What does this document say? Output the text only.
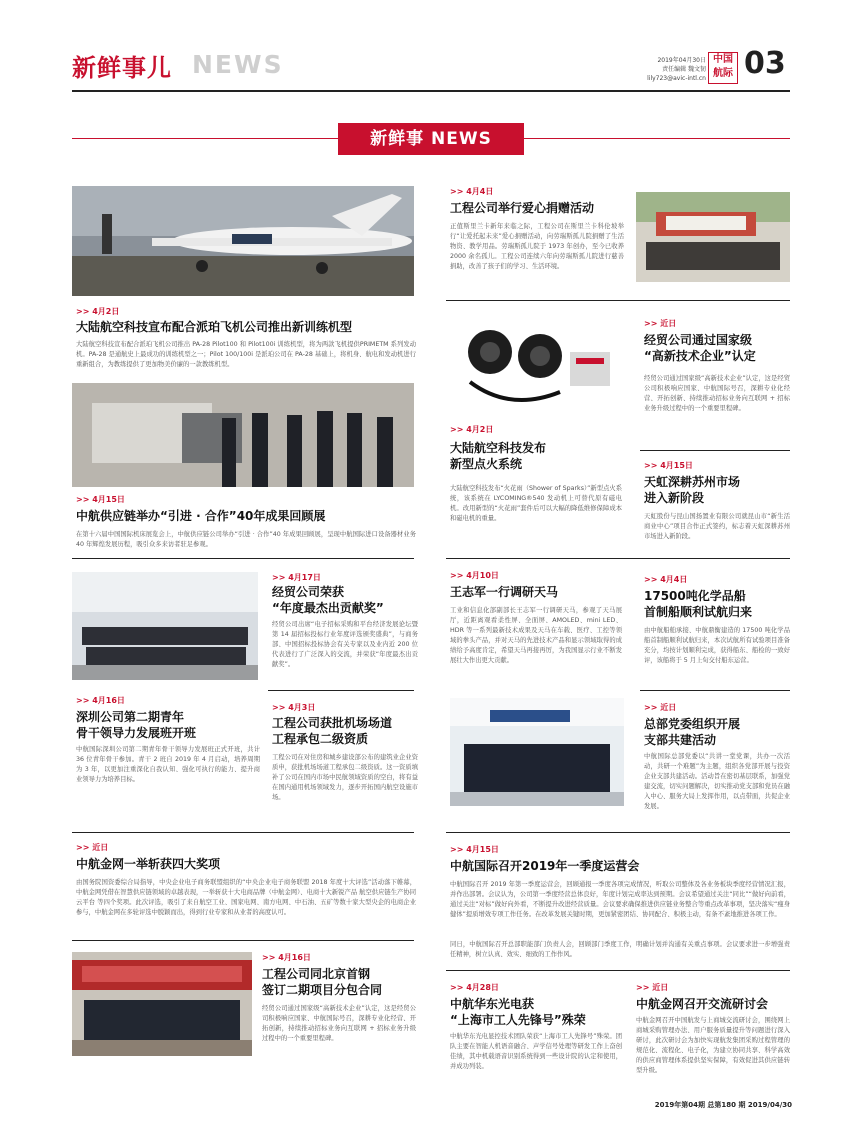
新鲜事儿 NEWS	2019年04月30日
责任编辑 魏文韧
lily723@avic-intl.cn
中国
航际 03
新鲜事 NEWS
>> 4月2日
大陆航空科技宣布配合派珀飞机公司推出新训练机型
大陆航空科技宣布配合派珀飞机公司推出 PA-28 Pilot100 和 Pilot100i 训练机型，将为两款飞机提供PRIMETM 系列发动机。PA-28 是通航史上最成功的训练机型之一；Pilot 100/100i 是派珀公司在 PA-28 基础上，将机身、航电和发动机进行重新组合，为教练提供了更加物美价廉的一款教练机型。
>> 4月15日
中航供应链举办“引进 · 合作”40年成果回顾展
在第十六届中国国际机床展览会上，中航供应链公司举办“引进 · 合作”40 年成果回顾展，呈现中航国际进口设备器材业务 40 年辉煌发展历程，吸引众多来访者驻足参观。
>> 4月16日
深圳公司第二期青年
骨干领导力发展班开班
中航国际深圳公司第二期青年骨干领导力发展班正式开班，共计 36 位青年骨干参加。青干 2 班自 2019 年 4 月启动，培养周期为 3 年，以更加注重深化自我认知、强化可执行的能力、提升商业领导力为培养目标。
>> 4月17日
经贸公司荣获
“年度最杰出贡献奖”
经贸公司出席“电子招标采购和平台经济发展论坛暨第 14 届招标投标行业年度评选颁奖盛典”，与商务部、中国招标投标协会有关专家以及业内近 200 位代表进行了广泛深入的交流，并荣获“年度最杰出贡献奖”。
>> 4月3日
工程公司获批机场场道
工程承包二级资质
工程公司在对住房和城乡建设部公布的建筑业企业资质申，获批机场场道工程承包二级资质。这一资质填补了公司在国内市场中民航领域资质的空白，将有益在国内通用机场领域发力，逐步开拓国内航空设施市场。
>> 近日
中航金网一举斩获四大奖项
由国务院国资委综合局指导，中央企业电子商务联盟组织的“中央企业电子商务联盟 2018 年度十大评选”活动落下帷幕，中航金网凭借在智慧供应链领域的卓越表现，一举斩获十大电商品牌（中航金网）、电商十大新锐产品 航空供应链生产协同云平台 等四个奖项。此次评选，吸引了来自航空工业、国家电网、南方电网、中石油、五矿等数十家大型央企的电商企业参与，中航金网在多轮评选中脱颖而出，得到行业专家和从业者的高度认可。
>> 4月16日
工程公司同北京首钢
签订二期项目分包合同
经贸公司通过国家级“高新技术企业”认定，这是经贸公司积极响应国家、中航国际号召，深耕专业化经营、开拓创新，持续推动招标业务向互联网 + 招标业务升级过程中的一个重要里程碑。
>> 4月4日
工程公司举行爱心捐赠活动
正值斯里兰卡新年来临之际，工程公司在斯里兰卡科伦坡举行“让爱托起未来”爱心捐赠活动，向劳瑞斯孤儿院捐赠了生活物资、教学用品。劳瑞斯孤儿院于 1973 年创办，至今已收养 2000 余名孤儿。工程公司连续六年向劳瑞斯孤儿院进行慈善捐助，改善了孩子们的学习、生活环境。
>> 4月2日
大陆航空科技发布
新型点火系统
大陆航空科技发布“火花雨（Shower of Sparks）”新型点火系统，该系统在 LYCOMING®540 发动机上可替代原有磁电机。改用新型的“火花雨”套件后可以大幅的降低维修保障成本和磁电机的重量。
>> 近日
经贸公司通过国家级
“高新技术企业”认定
经贸公司通过国家级“高新技术企业”认定，这是经贸公司积极响应国家、中航国际号召，深耕专业化经营、开拓创新、持续推动招标业务向互联网 + 招标业务升级过程中的一个重要里程碑。
>> 4月15日
天虹深耕苏州市场
进入新阶段
天虹股份与昆山国扬置业有限公司就昆山市“新生活商业中心”项目合作正式签约，标志着天虹深耕苏州市场进入新阶段。
>> 4月10日
王志军一行调研天马
工业和信息化部副部长王志军一行调研天马，参观了天马展厅，近距离观看柔性屏、全面屏、AMOLED、mini LED、HDR 等一系列最新技术成果及天马在车载、医疗、工控等领域的拳头产品，并对天马的先进技术产品和显示领域取得的成绩给予高度肯定，希望天马再接再厉，为我国显示行业不断发展壮大作出更大贡献。
>> 4月4日
17500吨化学品船
首制船顺利试航归来
由中航船舶承接、中航鼎衡建造的 17500 吨化学品船首制船顺利试航归来，本次试航所有试验项目准备充分，均按计划顺利完成，获得船东、船检的一致好评，该船将于 5 月上旬交付船东运营。
>> 近日
总部党委组织开展
支部共建活动
中航国际总部党委以“共讲一堂党课，共办一次活动，共研一个难题”为主题，组织各党部开展与投资企业支部共建活动。活动旨在密切基层联系，加强党建交流，切实问题解决，切实推动党支部和党员在融入中心、服务大局上发挥作用，以点带面，共促企业发展。
>> 4月15日
中航国际召开2019年一季度运营会
中航国际召开 2019 年第一季度运营会，回顾通报一季度各项完成情况，听取公司整体及各业务板块季度经营情况汇报，并作出部署。会议认为，公司第一季度经营总体良好，年度计划完成率达到预期。会议希望通过关注“同比”“做好向前看，通过关注“对标”做好向外看，不断提升改进经营质量。会议要求确保推进供应链业务整合等重点改革事项，坚决落实“瘦身健体”提质增效专项工作任务。在改革发展关键时期，更加紧密团结、协同配合、积极主动，有条不紊地推进各项工作。
同日，中航国际召开总部职能部门负责人会，回顾部门季度工作，明确计划并沟通有关重点事项。会议要求进一步增强责任精神，树立认真、效实、细致的工作作风。
>> 4月28日
中航华东光电获
“上海市工人先锋号”殊荣
中航华东光电显控技术团队荣获“上海市工人先锋号”殊荣。团队主要在智能人机语音融合、声学信号处理等研发工作上奋创佳绩，其中机载语音识别系统得到一些设计院的认定和使用，并成功列装。
>> 近日
中航金网召开交流研讨会
中航金网召开中国航发与上商城交流研讨会，围绕网上商城采购管理办法、用户服务质量提升等问题进行深入研讨，此次研讨会为加快实现航发集团采购过程管理的规范化、流程化、电子化，为建立协同共享、科学高效的供应商管理体系提供坚实保障，有效促进其供应链转型升级。
2019年第04期 总第180 期 2019/04/30
